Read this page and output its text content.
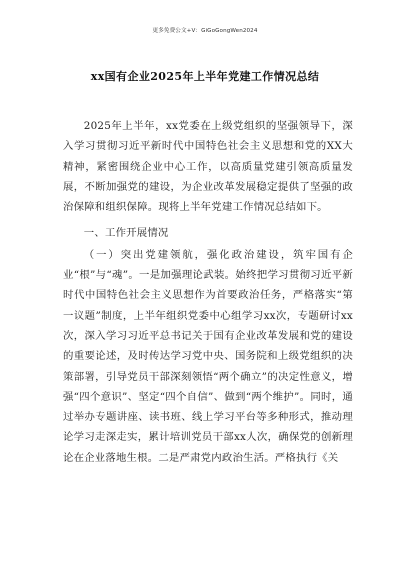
更多免费公文+V：GiGoGongWen2024
xx国有企业2025年上半年党建工作情况总结

2025年上半年，xx党委在上级党组织的坚强领导下，深入学习贯彻习近平新时代中国特色社会主义思想和党的XX大精神，紧密围绕企业中心工作，以高质量党建引领高质量发展，不断加强党的建设，为企业改革发展稳定提供了坚强的政治保障和组织保障。现将上半年党建工作情况总结如下。

一、工作开展情况

（一）突出党建领航，强化政治建设，筑牢国有企业“根”与“魂”。一是加强理论武装。始终把学习贯彻习近平新时代中国特色社会主义思想作为首要政治任务，严格落实“第一议题”制度，上半年组织党委中心组学习xx次，专题研讨xx次，深入学习习近平总书记关于国有企业改革发展和党的建设的重要论述，及时传达学习党中央、国务院和上级党组织的决策部署，引导党员干部深刻领悟“两个确立”的决定性意义，增强“四个意识”、坚定“四个自信”、做到“两个维护”。同时，通过举办专题讲座、读书班、线上学习平台等多种形式，推动理论学习走深走实，累计培训党员干部xx人次，确保党的创新理论在企业落地生根。二是严肃党内政治生活。严格执行《关
